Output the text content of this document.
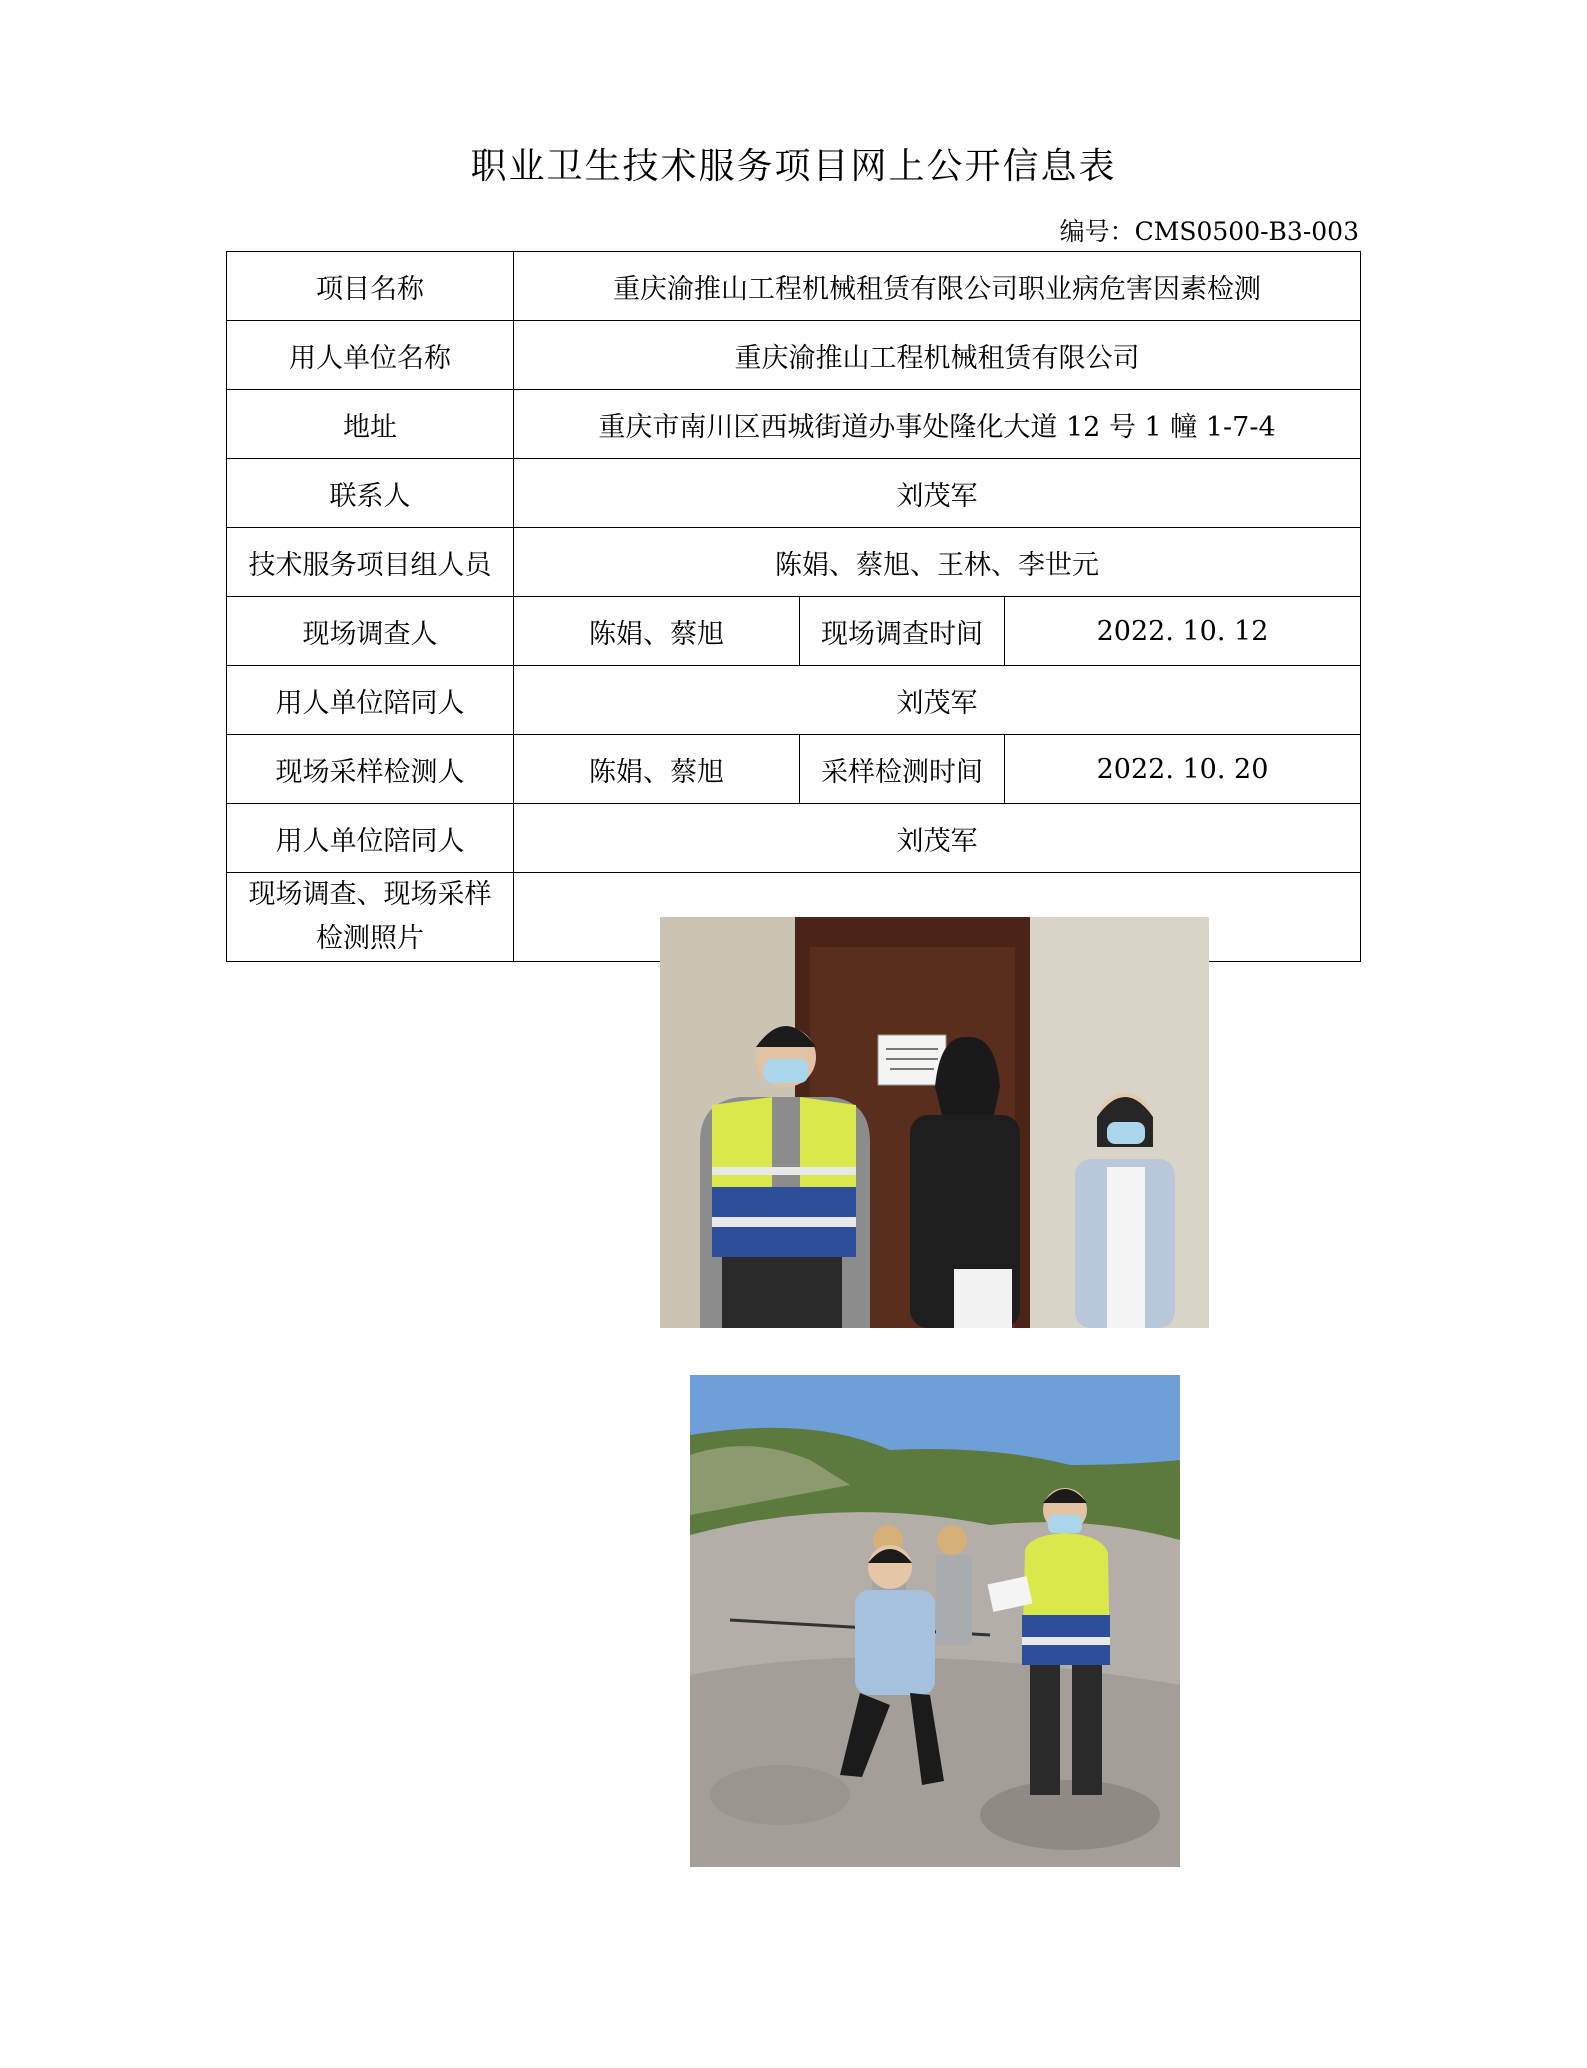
职业卫生技术服务项目网上公开信息表
编号：CMS0500-B3-003
项目名称	重庆渝推山工程机械租赁有限公司职业病危害因素检测		
用人单位名称	重庆渝推山工程机械租赁有限公司		
地址	重庆市南川区西城街道办事处隆化大道 12 号 1 幢 1-7-4		
联系人	刘茂军		
技术服务项目组人员	陈娟、蔡旭、王林、李世元		
现场调查人	陈娟、蔡旭	现场调查时间	2022. 10. 12
用人单位陪同人	刘茂军		
现场采样检测人	陈娟、蔡旭	采样检测时间	2022. 10. 20
用人单位陪同人	刘茂军		
现场调查、现场采样
检测照片	
